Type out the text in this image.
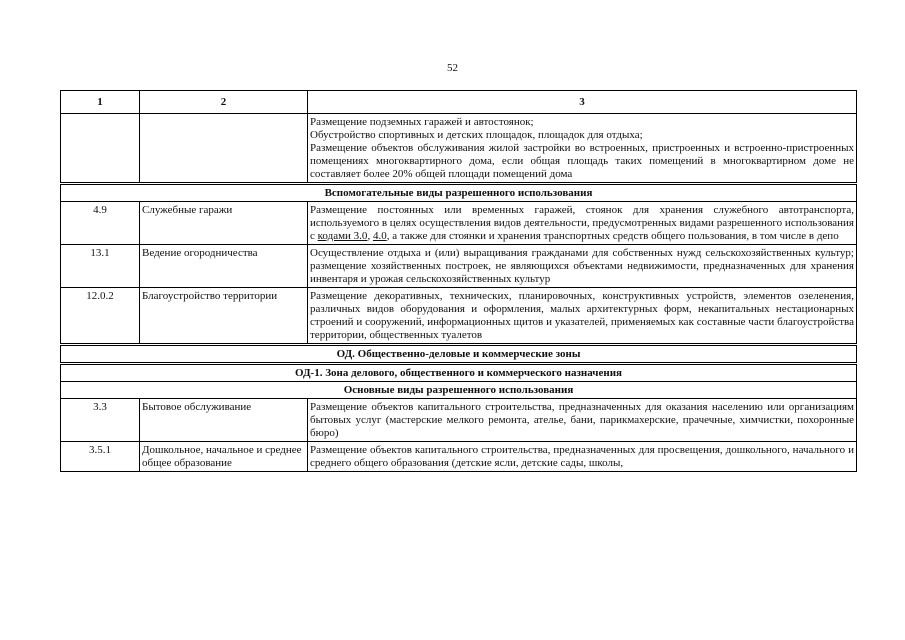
52
1	2	3

		Размещение подземных гаражей и автостоянок;
Обустройство спортивных и детских площадок, площадок для отдыха;
Размещение объектов обслуживания жилой застройки во встроенных, пристроенных и встроенно-пристроенных помещениях многоквартирного дома, если общая площадь таких помещений в многоквартирном доме не составляет более 20% общей площади помещений дома

Вспомогательные виды разрешенного использования		
4.9	Служебные гаражи	Размещение постоянных или временных гаражей, стоянок для хранения служебного автотранспорта, используемого в целях осуществления видов деятельности, предусмотренных видами разрешенного использования с кодами 3.0, 4.0, а также для стоянки и хранения транспортных средств общего пользования, в том числе в депо
13.1	Ведение огородничества	Осуществление отдыха и (или) выращивания гражданами для собственных нужд сельскохозяйственных культур; размещение хозяйственных построек, не являющихся объектами недвижимости, предназначенных для хранения инвентаря и урожая сельскохозяйственных культур
12.0.2	Благоустройство территории	Размещение декоративных, технических, планировочных, конструктивных устройств, элементов озеленения, различных видов оборудования и оформления, малых архитектурных форм, некапитальных нестационарных строений и сооружений, информационных щитов и указателей, применяемых как составные части благоустройства территории, общественных туалетов
ОД. Общественно-деловые и коммерческие зоны		
ОД-1. Зона делового, общественного и коммерческого назначения		
Основные виды разрешенного использования		
3.3	Бытовое обслуживание	Размещение объектов капитального строительства, предназначенных для оказания населению или организациям бытовых услуг (мастерские мелкого ремонта, ателье, бани, парикмахерские, прачечные, химчистки, похоронные бюро)
3.5.1	Дошкольное, начальное и среднее общее образование	Размещение объектов капитального строительства, предназначенных для просвещения, дошкольного, начального и среднего общего образования (детские ясли, детские сады, школы,
